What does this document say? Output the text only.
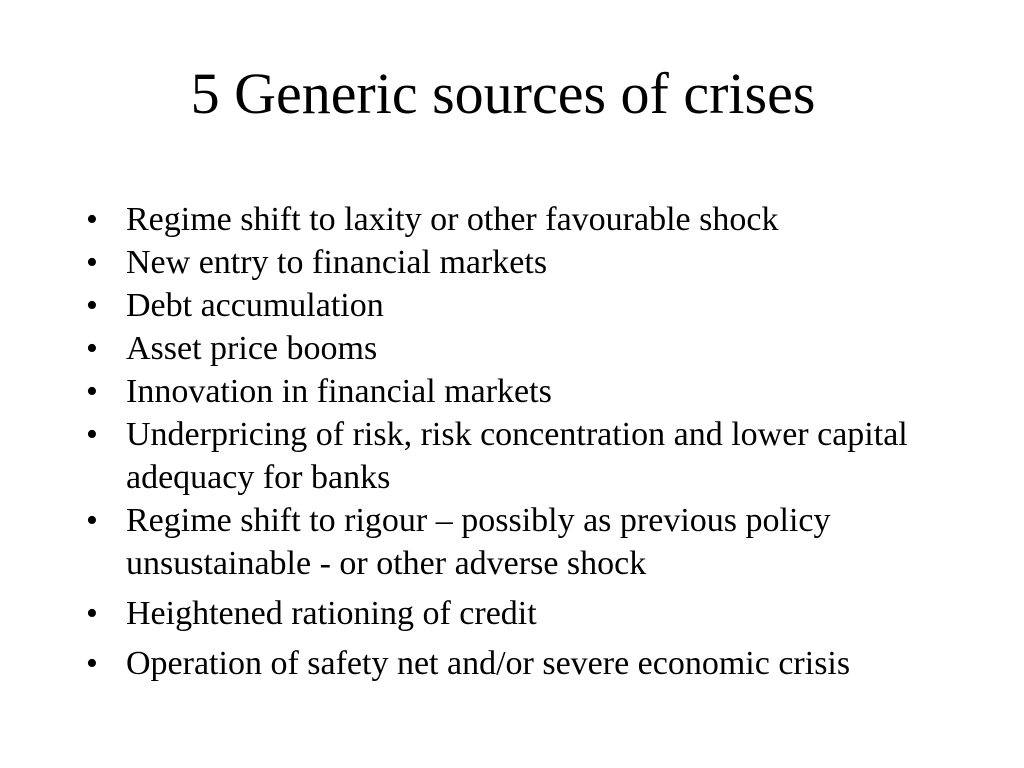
5 Generic sources of crises
• Regime shift to laxity or other favourable shock
• New entry to financial markets
• Debt accumulation
• Asset price booms
• Innovation in financial markets
• Underpricing of risk, risk concentration and lower capital adequacy for banks
• Regime shift to rigour – possibly as previous policy unsustainable - or other adverse shock
• Heightened rationing of credit
• Operation of safety net and/or severe economic crisis
